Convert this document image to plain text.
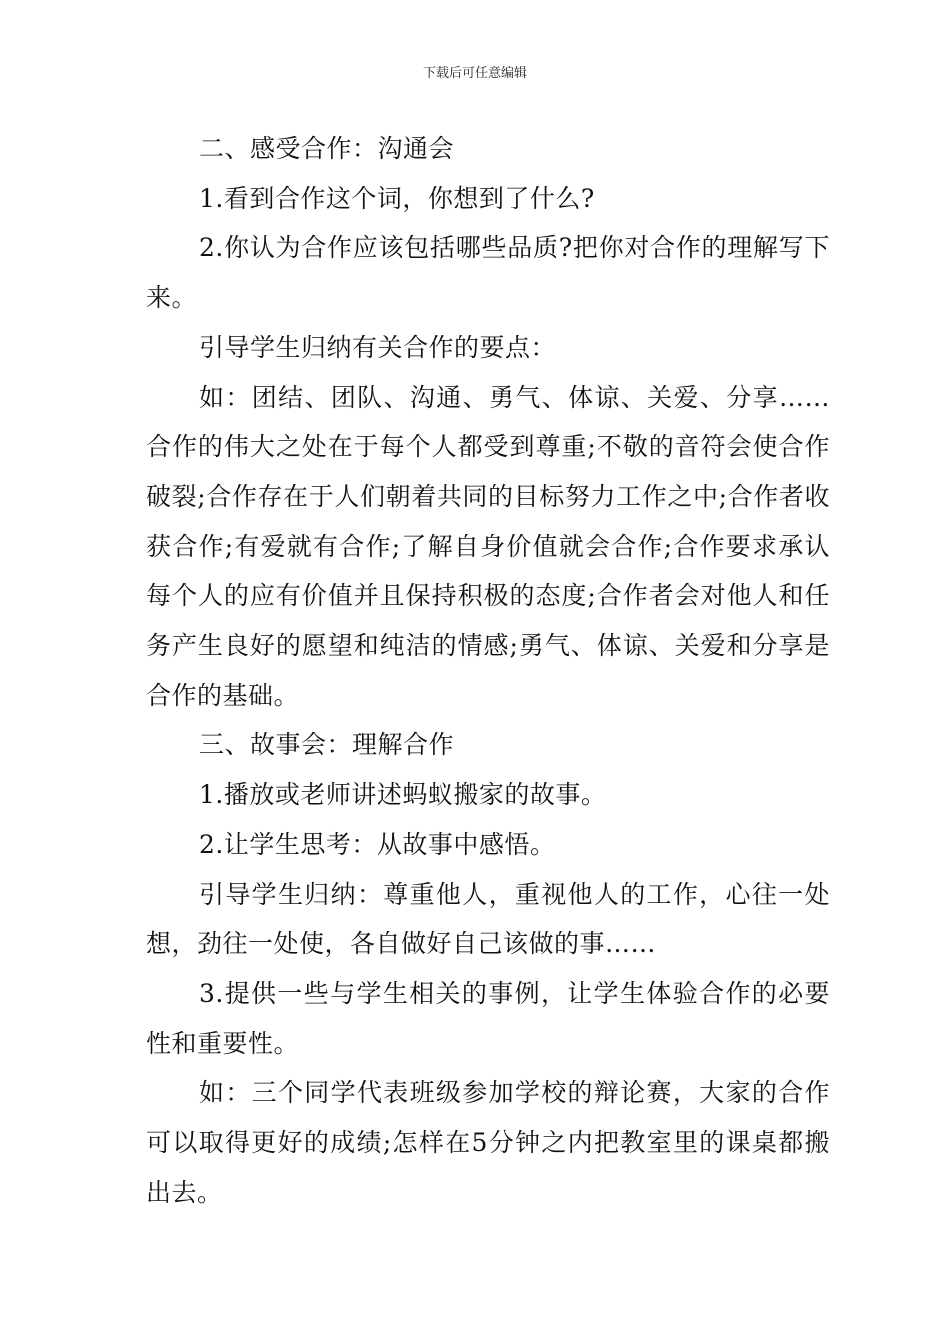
下载后可任意编辑

二、感受合作：沟通会

1.看到合作这个词，你想到了什么?

2.你认为合作应该包括哪些品质?把你对合作的理解写下来。

引导学生归纳有关合作的要点：

如：团结、团队、沟通、勇气、体谅、关爱、分享……合作的伟大之处在于每个人都受到尊重;不敬的音符会使合作破裂;合作存在于人们朝着共同的目标努力工作之中;合作者收获合作;有爱就有合作;了解自身价值就会合作;合作要求承认每个人的应有价值并且保持积极的态度;合作者会对他人和任务产生良好的愿望和纯洁的情感;勇气、体谅、关爱和分享是合作的基础。

三、故事会：理解合作

1.播放或老师讲述蚂蚁搬家的故事。

2.让学生思考：从故事中感悟。

引导学生归纳：尊重他人，重视他人的工作，心往一处想，劲往一处使，各自做好自己该做的事……

3.提供一些与学生相关的事例，让学生体验合作的必要性和重要性。

如：三个同学代表班级参加学校的辩论赛，大家的合作可以取得更好的成绩;怎样在5分钟之内把教室里的课桌都搬出去。
